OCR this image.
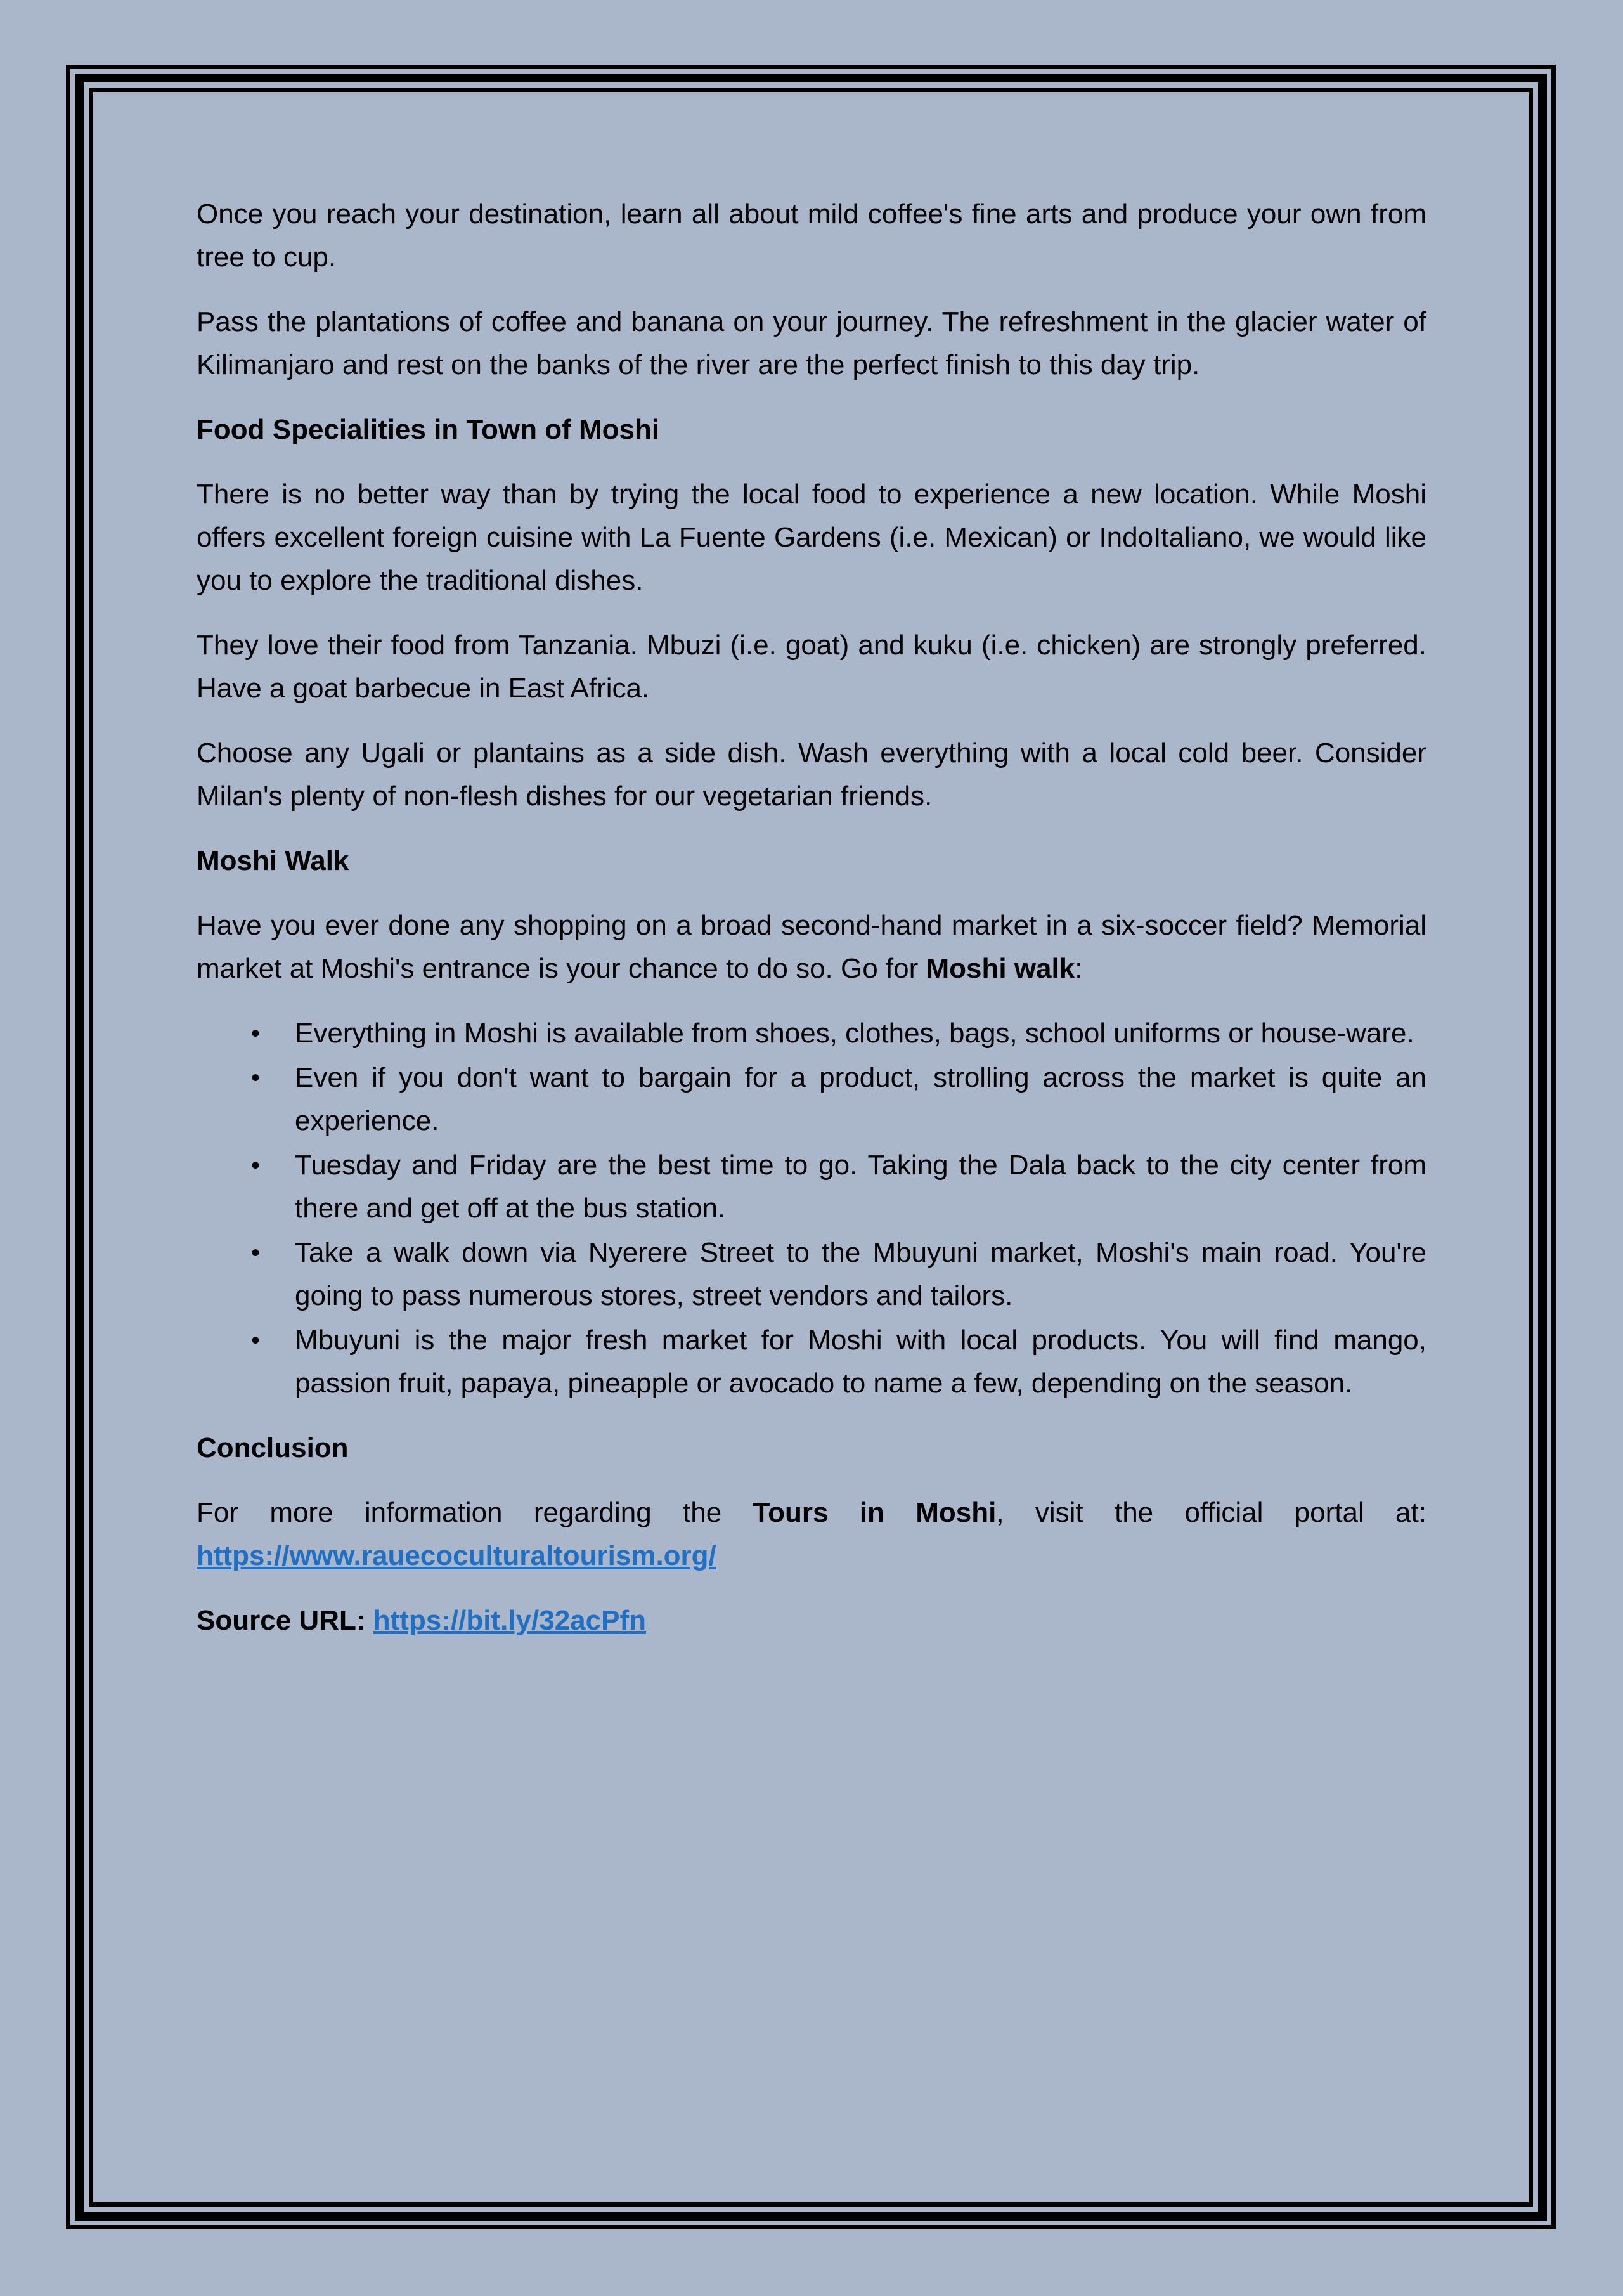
Once you reach your destination, learn all about mild coffee's fine arts and produce your own from tree to cup.

Pass the plantations of coffee and banana on your journey. The refreshment in the glacier water of Kilimanjaro and rest on the banks of the river are the perfect finish to this day trip.

Food Specialities in Town of Moshi

There is no better way than by trying the local food to experience a new location. While Moshi offers excellent foreign cuisine with La Fuente Gardens (i.e. Mexican) or IndoItaliano, we would like you to explore the traditional dishes.

They love their food from Tanzania. Mbuzi (i.e. goat) and kuku (i.e. chicken) are strongly preferred. Have a goat barbecue in East Africa.

Choose any Ugali or plantains as a side dish. Wash everything with a local cold beer. Consider Milan's plenty of non-flesh dishes for our vegetarian friends.

Moshi Walk

Have you ever done any shopping on a broad second-hand market in a six-soccer field? Memorial market at Moshi's entrance is your chance to do so. Go for Moshi walk:

• Everything in Moshi is available from shoes, clothes, bags, school uniforms or house-ware.
• Even if you don't want to bargain for a product, strolling across the market is quite an experience.
• Tuesday and Friday are the best time to go. Taking the Dala back to the city center from there and get off at the bus station.
• Take a walk down via Nyerere Street to the Mbuyuni market, Moshi's main road. You're going to pass numerous stores, street vendors and tailors.
• Mbuyuni is the major fresh market for Moshi with local products. You will find mango, passion fruit, papaya, pineapple or avocado to name a few, depending on the season.

Conclusion

For more information regarding the Tours in Moshi, visit the official portal at: https://www.rauecoculturaltourism.org/

Source URL: https://bit.ly/32acPfn
